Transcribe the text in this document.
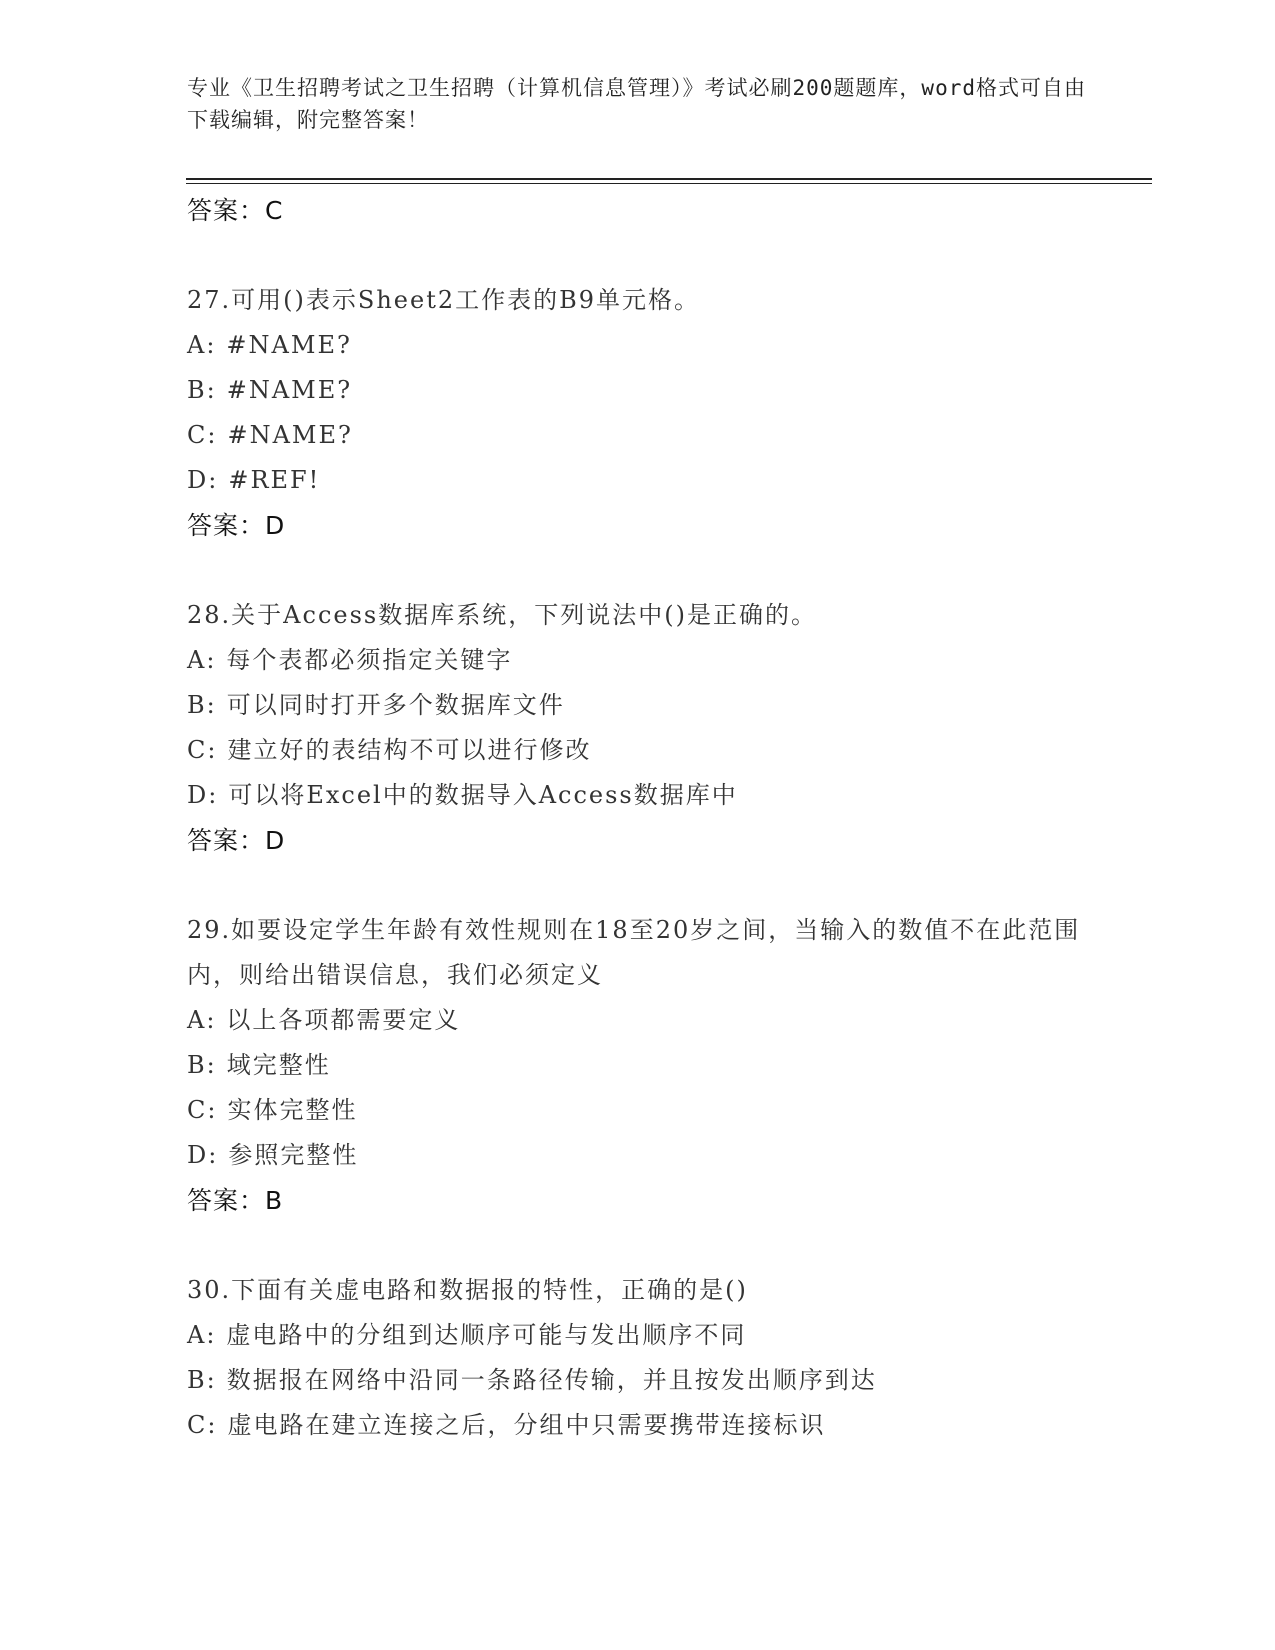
专业《卫生招聘考试之卫生招聘（计算机信息管理）》考试必刷200题题库，word格式可自由下载编辑，附完整答案！

答案：C

27.可用()表示Sheet2工作表的B9单元格。

A: #NAME?

B: #NAME?

C: #NAME?

D: #REF!

答案：D

28.关于Access数据库系统，下列说法中()是正确的。

A: 每个表都必须指定关键字

B: 可以同时打开多个数据库文件

C: 建立好的表结构不可以进行修改

D: 可以将Excel中的数据导入Access数据库中

答案：D

29.如要设定学生年龄有效性规则在18至20岁之间，当输入的数值不在此范围内，则给出错误信息，我们必须定义

A: 以上各项都需要定义

B: 域完整性

C: 实体完整性

D: 参照完整性

答案：B

30.下面有关虚电路和数据报的特性，正确的是()

A: 虚电路中的分组到达顺序可能与发出顺序不同

B: 数据报在网络中沿同一条路径传输，并且按发出顺序到达

C: 虚电路在建立连接之后，分组中只需要携带连接标识
